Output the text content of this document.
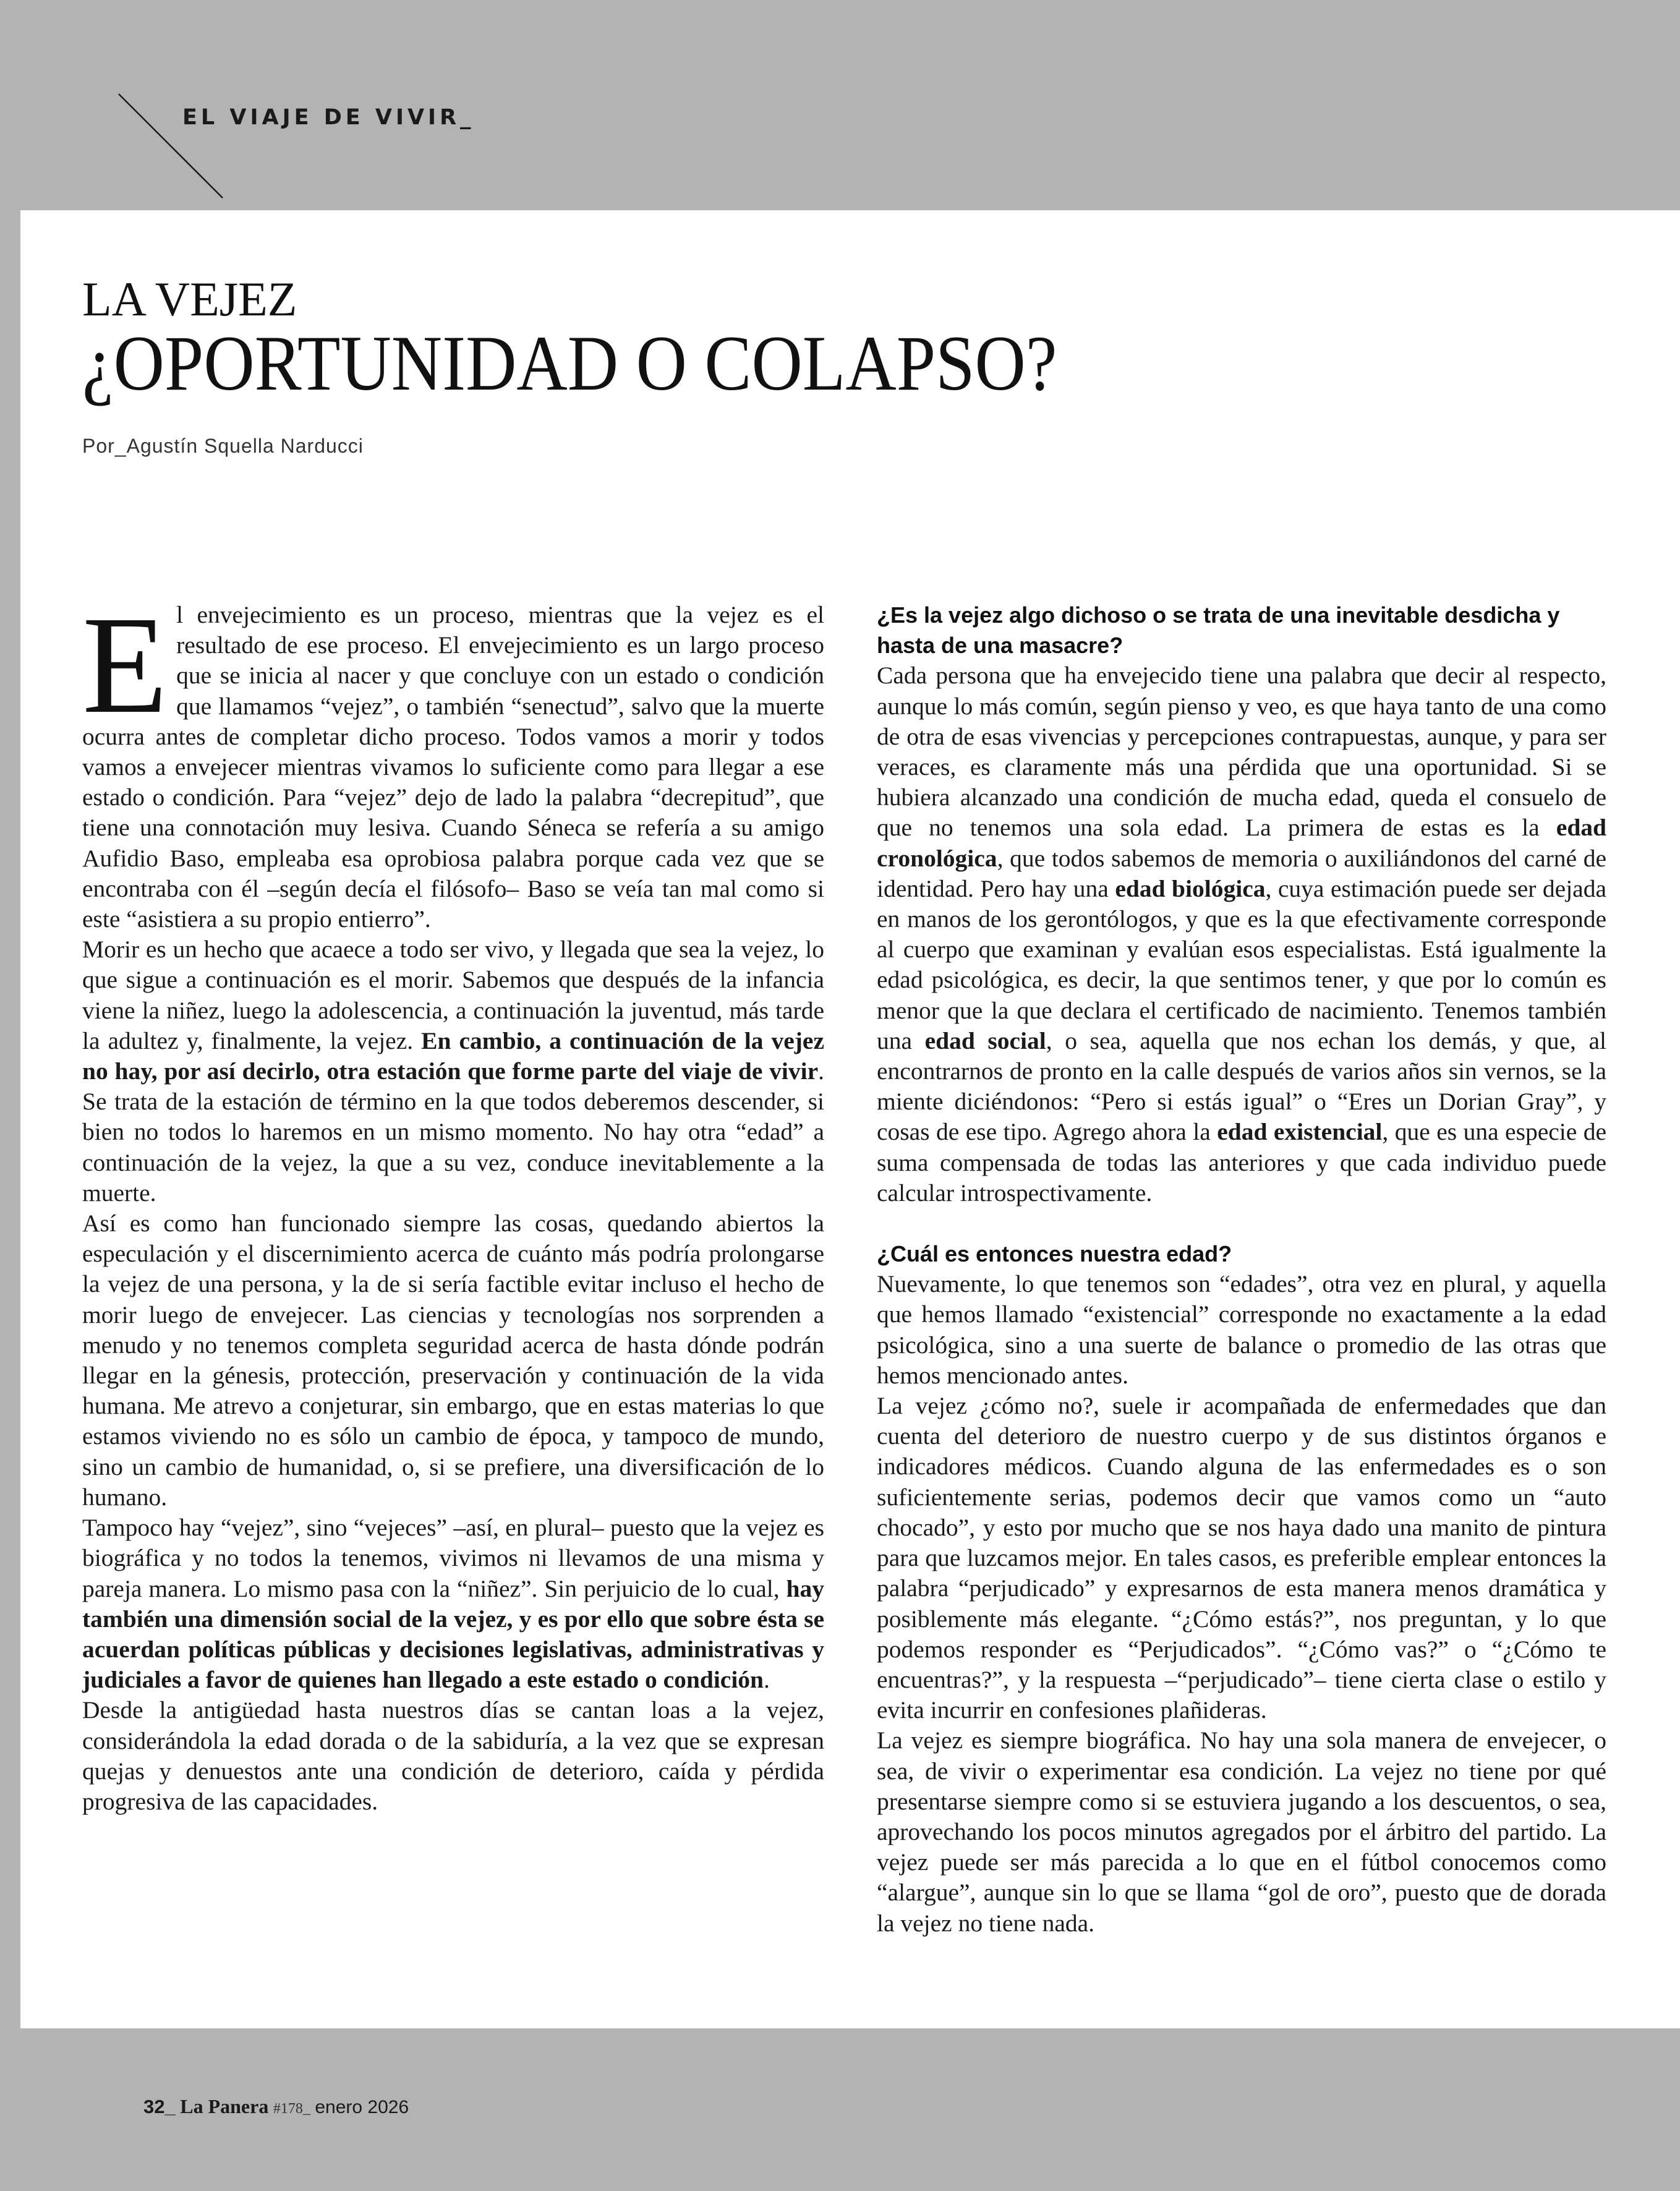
EL VIAJE DE VIVIR_

LA VEJEZ
¿OPORTUNIDAD O COLAPSO?

Por_Agustín Squella Narducci

El envejecimiento es un proceso, mientras que la vejez es el resultado de ese proceso. El envejecimiento es un largo proceso que se inicia al nacer y que concluye con un estado o condición que llamamos “vejez”, o también “senectud”, salvo que la muerte ocurra antes de completar dicho proceso. Todos vamos a morir y todos vamos a envejecer mientras vivamos lo suficiente como para llegar a ese estado o condición. Para “vejez” dejo de lado la palabra “decrepitud”, que tiene una connotación muy lesiva. Cuando Séneca se refería a su amigo Aufidio Baso, empleaba esa oprobiosa palabra porque cada vez que se encontraba con él –según decía el filósofo– Baso se veía tan mal como si este “asistiera a su propio entierro”.

Morir es un hecho que acaece a todo ser vivo, y llegada que sea la vejez, lo que sigue a continuación es el morir. Sabemos que después de la infancia viene la niñez, luego la adolescencia, a continuación la juventud, más tarde la adultez y, finalmente, la vejez. En cambio, a continuación de la vejez no hay, por así decirlo, otra estación que forme parte del viaje de vivir. Se trata de la estación de término en la que todos deberemos descender, si bien no todos lo haremos en un mismo momento. No hay otra “edad” a continuación de la vejez, la que a su vez, conduce inevitablemente a la muerte.

Así es como han funcionado siempre las cosas, quedando abiertos la especulación y el discernimiento acerca de cuánto más podría prolongarse la vejez de una persona, y la de si sería factible evitar incluso el hecho de morir luego de envejecer. Las ciencias y tecnologías nos sorprenden a menudo y no tenemos completa seguridad acerca de hasta dónde podrán llegar en la génesis, protección, preservación y continuación de la vida humana. Me atrevo a conjeturar, sin embargo, que en estas materias lo que estamos viviendo no es sólo un cambio de época, y tampoco de mundo, sino un cambio de humanidad, o, si se prefiere, una diversificación de lo humano.

Tampoco hay “vejez”, sino “vejeces” –así, en plural– puesto que la vejez es biográfica y no todos la tenemos, vivimos ni llevamos de una misma y pareja manera. Lo mismo pasa con la “niñez”. Sin perjuicio de lo cual, hay también una dimensión social de la vejez, y es por ello que sobre ésta se acuerdan políticas públicas y decisiones legislativas, administrativas y judiciales a favor de quienes han llegado a este estado o condición.

Desde la antigüedad hasta nuestros días se cantan loas a la vejez, considerándola la edad dorada o de la sabiduría, a la vez que se expresan quejas y denuestos ante una condición de deterioro, caída y pérdida progresiva de las capacidades.

¿Es la vejez algo dichoso o se trata de una inevitable desdicha y hasta de una masacre?

Cada persona que ha envejecido tiene una palabra que decir al respecto, aunque lo más común, según pienso y veo, es que haya tanto de una como de otra de esas vivencias y percepciones contrapuestas, aunque, y para ser veraces, es claramente más una pérdida que una oportunidad. Si se hubiera alcanzado una condición de mucha edad, queda el consuelo de que no tenemos una sola edad. La primera de estas es la edad cronológica, que todos sabemos de memoria o auxiliándonos del carné de identidad. Pero hay una edad biológica, cuya estimación puede ser dejada en manos de los gerontólogos, y que es la que efectivamente corresponde al cuerpo que examinan y evalúan esos especialistas. Está igualmente la edad psicológica, es decir, la que sentimos tener, y que por lo común es menor que la que declara el certificado de nacimiento. Tenemos también una edad social, o sea, aquella que nos echan los demás, y que, al encontrarnos de pronto en la calle después de varios años sin vernos, se la miente diciéndonos: “Pero si estás igual” o “Eres un Dorian Gray”, y cosas de ese tipo. Agrego ahora la edad existencial, que es una especie de suma compensada de todas las anteriores y que cada individuo puede calcular introspectivamente.

¿Cuál es entonces nuestra edad?

Nuevamente, lo que tenemos son “edades”, otra vez en plural, y aquella que hemos llamado “existencial” corresponde no exactamente a la edad psicológica, sino a una suerte de balance o promedio de las otras que hemos mencionado antes.

La vejez ¿cómo no?, suele ir acompañada de enfermedades que dan cuenta del deterioro de nuestro cuerpo y de sus distintos órganos e indicadores médicos. Cuando alguna de las enfermedades es o son suficientemente serias, podemos decir que vamos como un “auto chocado”, y esto por mucho que se nos haya dado una manito de pintura para que luzcamos mejor. En tales casos, es preferible emplear entonces la palabra “perjudicado” y expresarnos de esta manera menos dramática y posiblemente más elegante. “¿Cómo estás?”, nos preguntan, y lo que podemos responder es “Perjudicados”. “¿Cómo vas?” o “¿Cómo te encuentras?”, y la respuesta –“perjudicado”– tiene cierta clase o estilo y evita incurrir en confesiones plañideras.

La vejez es siempre biográfica. No hay una sola manera de envejecer, o sea, de vivir o experimentar esa condición. La vejez no tiene por qué presentarse siempre como si se estuviera jugando a los descuentos, o sea, aprovechando los pocos minutos agregados por el árbitro del partido. La vejez puede ser más parecida a lo que en el fútbol conocemos como “alargue”, aunque sin lo que se llama “gol de oro”, puesto que de dorada la vejez no tiene nada.

32_ La Panera #178_ enero 2026
